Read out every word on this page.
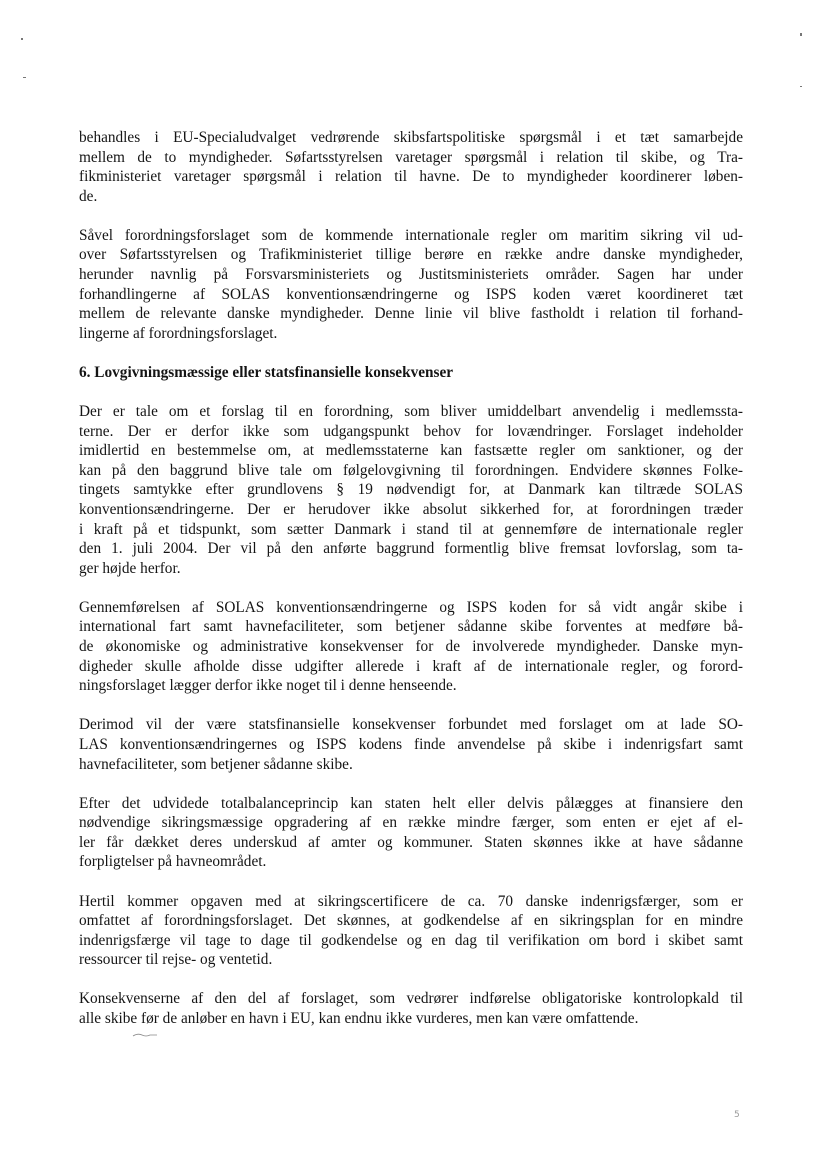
behandles i EU-Specialudvalget vedrørende skibsfartspolitiske spørgsmål i et tæt samarbejde
mellem de to myndigheder. Søfartsstyrelsen varetager spørgsmål i relation til skibe, og Tra-
fikministeriet varetager spørgsmål i relation til havne. De to myndigheder koordinerer løben-
de.
Såvel forordningsforslaget som de kommende internationale regler om maritim sikring vil ud-
over Søfartsstyrelsen og Trafikministeriet tillige berøre en række andre danske myndigheder,
herunder navnlig på Forsvarsministeriets og Justitsministeriets områder. Sagen har under
forhandlingerne af SOLAS konventionsændringerne og ISPS koden været koordineret tæt
mellem de relevante danske myndigheder. Denne linie vil blive fastholdt i relation til forhand-
lingerne af forordningsforslaget.
6. Lovgivningsmæssige eller statsfinansielle konsekvenser
Der er tale om et forslag til en forordning, som bliver umiddelbart anvendelig i medlemssta-
terne. Der er derfor ikke som udgangspunkt behov for lovændringer. Forslaget indeholder
imidlertid en bestemmelse om, at medlemsstaterne kan fastsætte regler om sanktioner, og der
kan på den baggrund blive tale om følgelovgivning til forordningen. Endvidere skønnes Folke-
tingets samtykke efter grundlovens § 19 nødvendigt for, at Danmark kan tiltræde SOLAS
konventionsændringerne. Der er herudover ikke absolut sikkerhed for, at forordningen træder
i kraft på et tidspunkt, som sætter Danmark i stand til at gennemføre de internationale regler
den 1. juli 2004. Der vil på den anførte baggrund formentlig blive fremsat lovforslag, som ta-
ger højde herfor.
Gennemførelsen af SOLAS konventionsændringerne og ISPS koden for så vidt angår skibe i
international fart samt havnefaciliteter, som betjener sådanne skibe forventes at medføre bå-
de økonomiske og administrative konsekvenser for de involverede myndigheder. Danske myn-
digheder skulle afholde disse udgifter allerede i kraft af de internationale regler, og forord-
ningsforslaget lægger derfor ikke noget til i denne henseende.
Derimod vil der være statsfinansielle konsekvenser forbundet med forslaget om at lade SO-
LAS konventionsændringernes og ISPS kodens finde anvendelse på skibe i indenrigsfart samt
havnefaciliteter, som betjener sådanne skibe.
Efter det udvidede totalbalanceprincip kan staten helt eller delvis pålægges at finansiere den
nødvendige sikringsmæssige opgradering af en række mindre færger, som enten er ejet af el-
ler får dækket deres underskud af amter og kommuner. Staten skønnes ikke at have sådanne
forpligtelser på havneområdet.
Hertil kommer opgaven med at sikringscertificere de ca. 70 danske indenrigsfærger, som er
omfattet af forordningsforslaget. Det skønnes, at godkendelse af en sikringsplan for en mindre
indenrigsfærge vil tage to dage til godkendelse og en dag til verifikation om bord i skibet samt
ressourcer til rejse- og ventetid.
Konsekvenserne af den del af forslaget, som vedrører indførelse obligatoriske kontrolopkald til
alle skibe før de anløber en havn i EU, kan endnu ikke vurderes, men kan være omfattende.
5
